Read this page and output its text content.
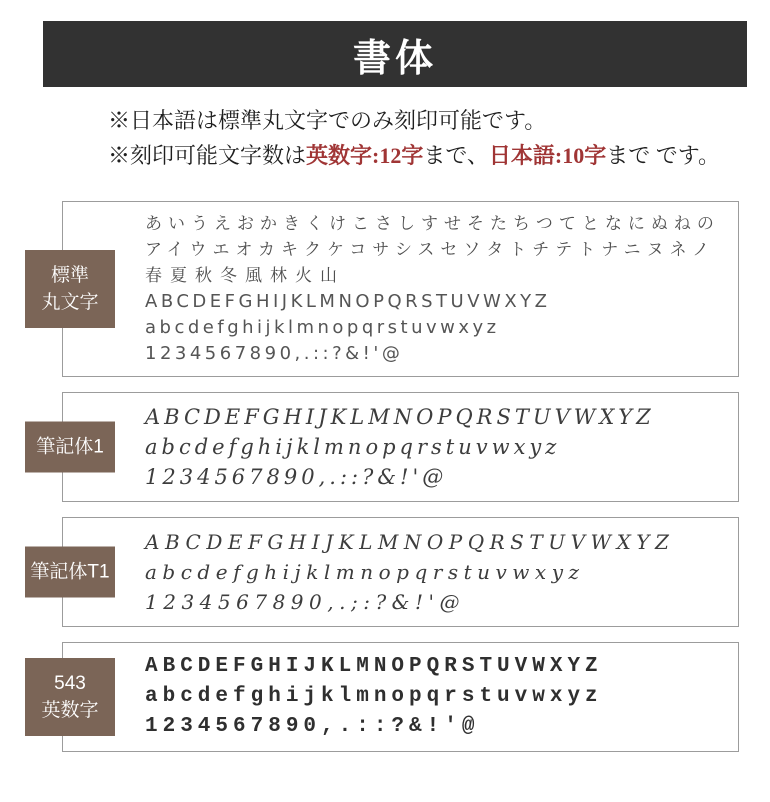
書体
※日本語は標準丸文字でのみ刻印可能です。
※刻印可能文字数は英数字:12字まで、日本語:10字まで です。
標準
丸文字
あいうえおかきくけこさしすせそたちつてとなにぬねの
アイウエオカキクケコサシスセソタトチテトナニヌネノ
春夏秋冬風林火山
ABCDEFGHIJKLMNOPQRSTUVWXYZ
abcdefghijklmnopqrstuvwxyz
1234567890,.::?&!'@
筆記体1
ABCDEFGHIJKLMNOPQRSTUVWXYZ
abcdefghijklmnopqrstuvwxyz
1234567890,.::?&!'@
筆記体T1
ABCDEFGHIJKLMNOPQRSTUVWXYZ
abcdefghijklmnopqrstuvwxyz
1234567890,.;:?&!'@
543
英数字
ABCDEFGHIJKLMNOPQRSTUVWXYZ
abcdefghijklmnopqrstuvwxyz
1234567890,.::?&!'@
